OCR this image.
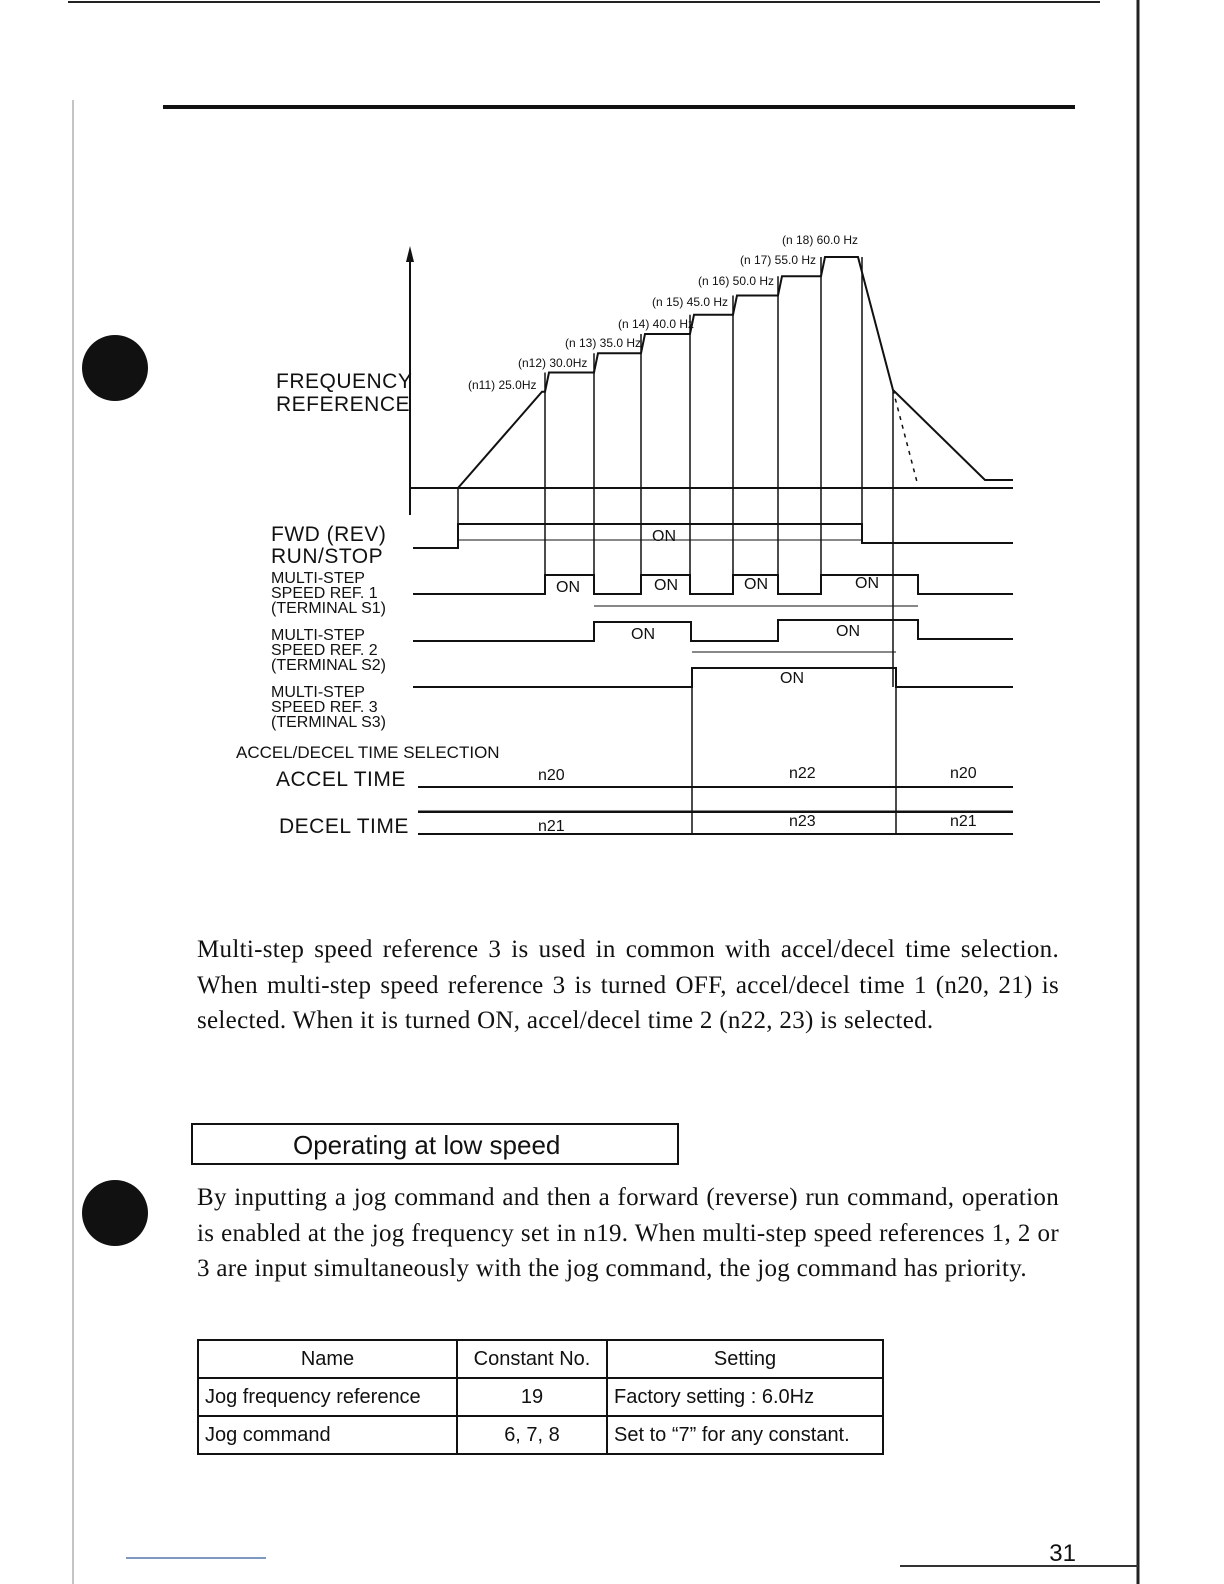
FREQUENCY
REFERENCE
(n11) 25.0Hz
(n12) 30.0Hz
(n 13) 35.0 Hz
(n 14) 40.0 Hz
(n 15) 45.0 Hz
(n 16) 50.0 Hz
(n 17) 55.0 Hz
(n 18) 60.0 Hz
FWD (REV)
RUN/STOP
MULTI-STEP
SPEED REF. 1
(TERMINAL S1)
MULTI-STEP
SPEED REF. 2
(TERMINAL S2)
MULTI-STEP
SPEED REF. 3
(TERMINAL S3)
ACCEL/DECEL TIME SELECTION
ACCEL TIME
DECEL TIME
ON
ON	ON	ON	ON
ON	ON
ON
n20	n22	n20
n21	n23	n21
Multi-step speed reference 3 is used in common with accel/decel time selection. When multi-step speed reference 3 is turned OFF, accel/decel time 1 (n20, 21) is selected. When it is turned ON, accel/decel time 2 (n22, 23) is selected.
Operating at low speed
By inputting a jog command and then a forward (reverse) run command, operation is enabled at the jog frequency set in n19. When multi-step speed references 1, 2 or 3 are input simultaneously with the jog command, the jog command has priority.
Name	Constant No.	Setting
Jog frequency reference	19	Factory setting : 6.0Hz
Jog command	6, 7, 8	Set to “7” for any constant.
31
